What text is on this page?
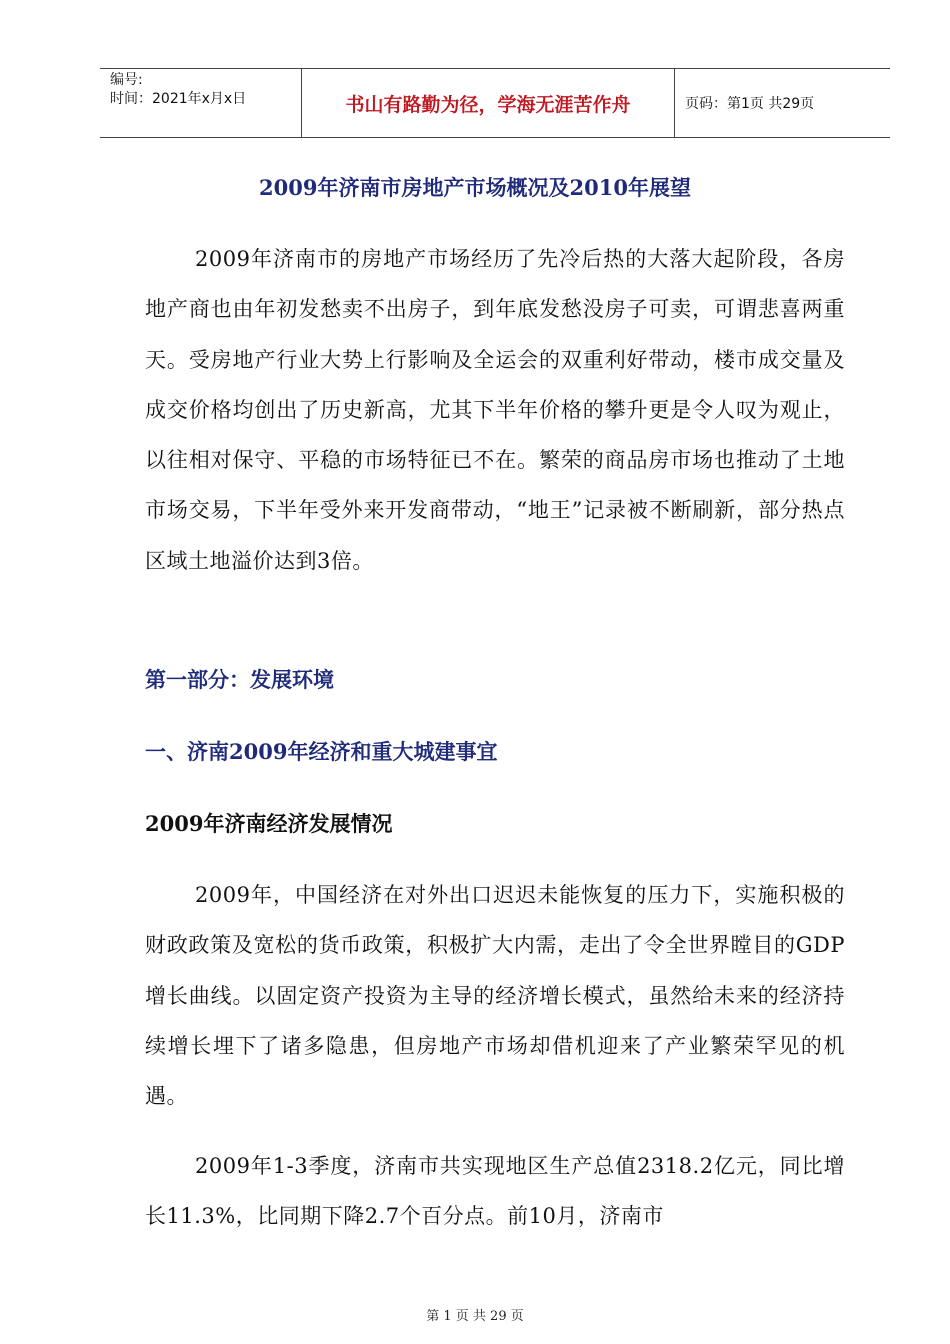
编号:
时间：2021年x月x日	书山有路勤为径，学海无涯苦作舟	页码：第1页 共29页
2009年济南市房地产市场概况及2010年展望
2009年济南市的房地产市场经历了先冷后热的大落大起阶段，各房地产商也由年初发愁卖不出房子，到年底发愁没房子可卖，可谓悲喜两重天。受房地产行业大势上行影响及全运会的双重利好带动，楼市成交量及成交价格均创出了历史新高，尤其下半年价格的攀升更是令人叹为观止，以往相对保守、平稳的市场特征已不在。繁荣的商品房市场也推动了土地市场交易，下半年受外来开发商带动，“地王”记录被不断刷新，部分热点区域土地溢价达到3倍。
第一部分：发展环境
一、济南2009年经济和重大城建事宜
2009年济南经济发展情况
2009年，中国经济在对外出口迟迟未能恢复的压力下，实施积极的财政政策及宽松的货币政策，积极扩大内需，走出了令全世界瞠目的GDP增长曲线。以固定资产投资为主导的经济增长模式，虽然给未来的经济持续增长埋下了诸多隐患，但房地产市场却借机迎来了产业繁荣罕见的机遇。
2009年1-3季度，济南市共实现地区生产总值2318.2亿元，同比增长11.3%，比同期下降2.7个百分点。前10月，济南市
第 1 页 共 29 页
